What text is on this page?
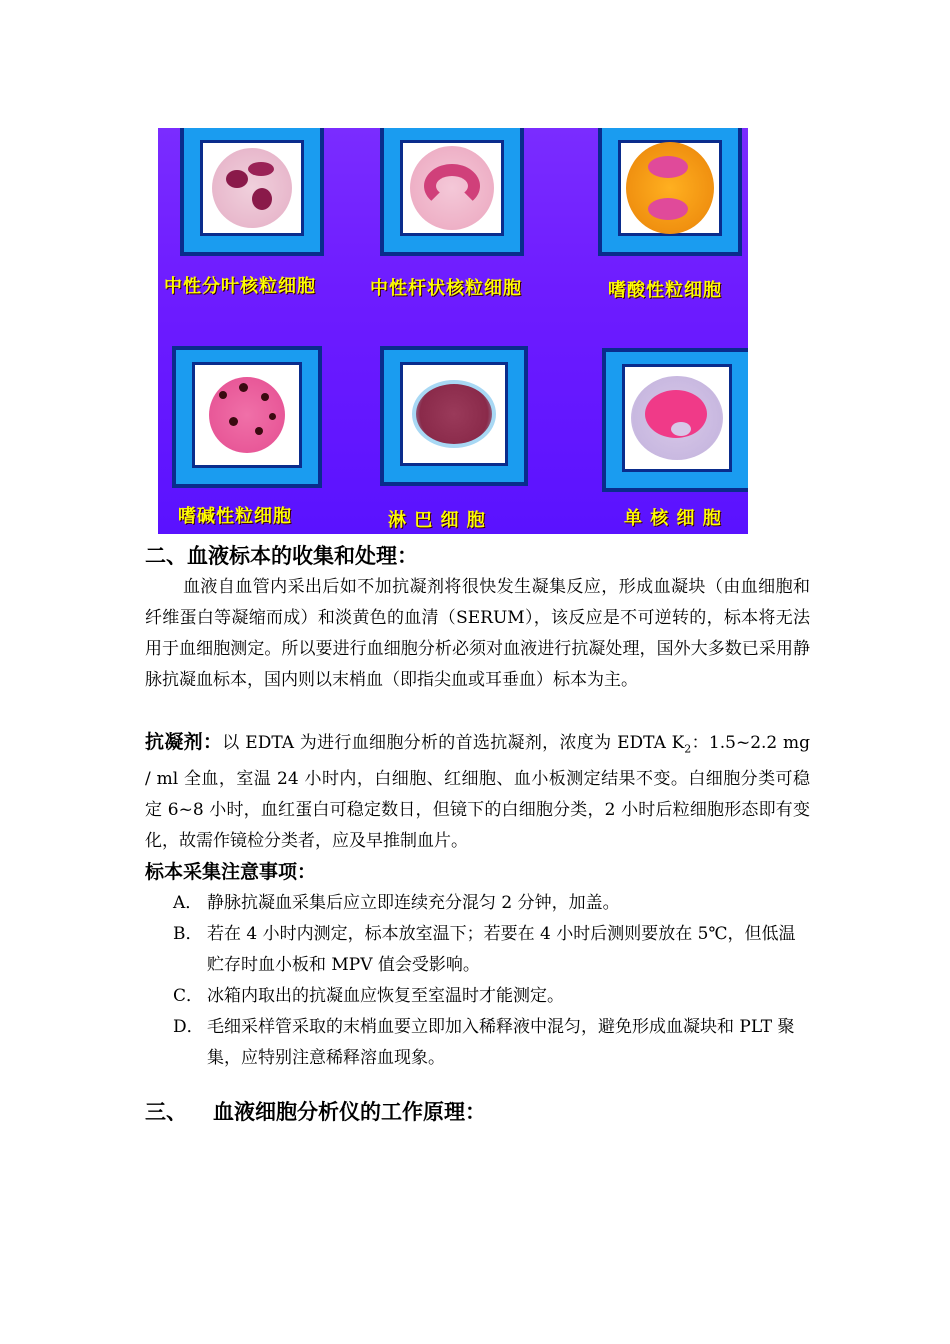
中性分叶核粒细胞	中性杆状核粒细胞	嗜酸性粒细胞
嗜碱性粒细胞	淋 巴 细 胞	单 核 细 胞
二、血液标本的收集和处理：
血液自血管内采出后如不加抗凝剂将很快发生凝集反应，形成血凝块（由血细胞和纤维蛋白等凝缩而成）和淡黄色的血清（SERUM），该反应是不可逆转的，标本将无法用于血细胞测定。所以要进行血细胞分析必须对血液进行抗凝处理，国外大多数已采用静脉抗凝血标本，国内则以末梢血（即指尖血或耳垂血）标本为主。
抗凝剂：以 EDTA 为进行血细胞分析的首选抗凝剂，浓度为 EDTA $K_2$：1.5~2.2 mg / ml 全血，室温 24 小时内，白细胞、红细胞、血小板测定结果不变。白细胞分类可稳定 6~8 小时，血红蛋白可稳定数日，但镜下的白细胞分类，2 小时后粒细胞形态即有变化，故需作镜检分类者，应及早推制血片。
标本采集注意事项：
A． 静脉抗凝血采集后应立即连续充分混匀 2 分钟，加盖。
B． 若在 4 小时内测定，标本放室温下；若要在 4 小时后测则要放在 5℃，但低温贮存时血小板和 MPV 值会受影响。
C． 冰箱内取出的抗凝血应恢复至室温时才能测定。
D． 毛细采样管采取的末梢血要立即加入稀释液中混匀，避免形成血凝块和 PLT 聚集，应特别注意稀释溶血现象。
三、 血液细胞分析仪的工作原理：
